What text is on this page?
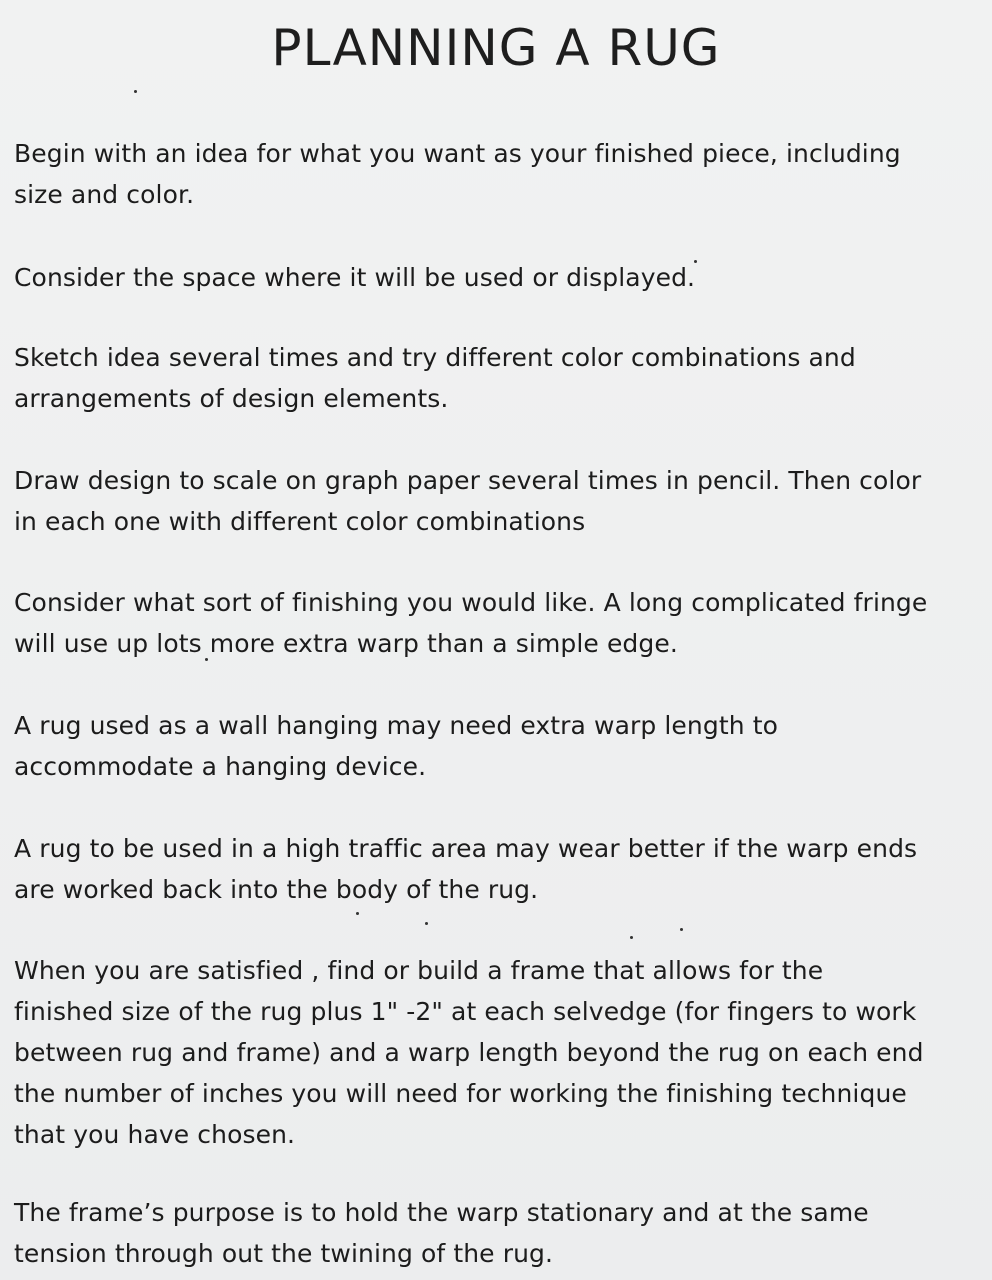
PLANNING A RUG

Begin with an idea for what you want as your finished piece, including
size and color.

Consider the space where it will be used or displayed.

Sketch idea several times and try different color combinations and
arrangements of design elements.

Draw design to scale on graph paper several times in pencil. Then color
in each one with different color combinations

Consider what sort of finishing you would like. A long complicated fringe
will use up lots more extra warp than a simple edge.

A rug used as a wall hanging may need extra warp length to
accommodate a hanging device.

A rug to be used in a high traffic area may wear better if the warp ends
are worked back into the body of the rug.

When you are satisfied , find or build a frame that allows for the
finished size of the rug plus 1" -2" at each selvedge (for fingers to work
between rug and frame) and a warp length beyond the rug on each end
the number of inches you will need for working the finishing technique
that you have chosen.

The frame’s purpose is to hold the warp stationary and at the same
tension through out the twining of the rug.
